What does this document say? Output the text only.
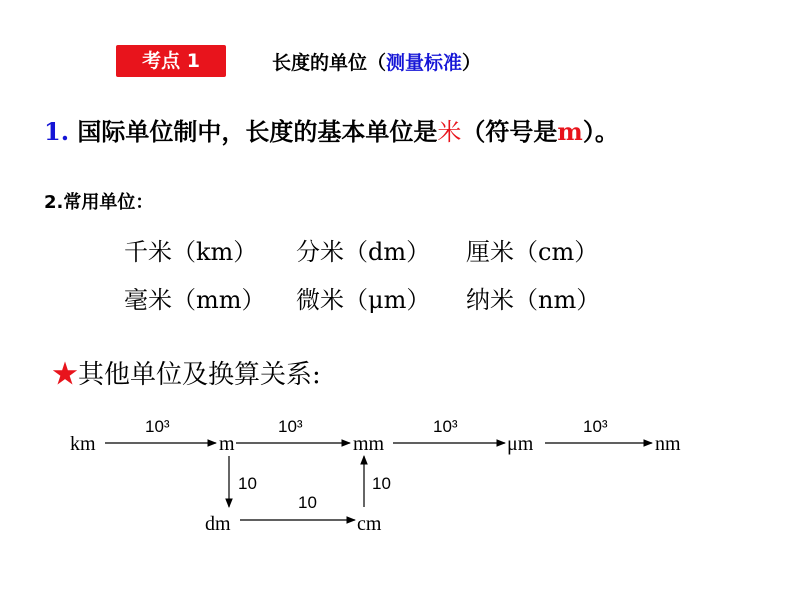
考点 1	长度的单位（测量标准）
1. 国际单位制中，长度的基本单位是米（符号是m）。
2.常用单位：
千米（km） 分米（dm） 厘米（cm）
毫米（mm） 微米（μm） 纳米（nm）
★其他单位及换算关系:
km	m	mm	μm	nm
dm	cm
10³	10³	10³	10³
10
10
10
